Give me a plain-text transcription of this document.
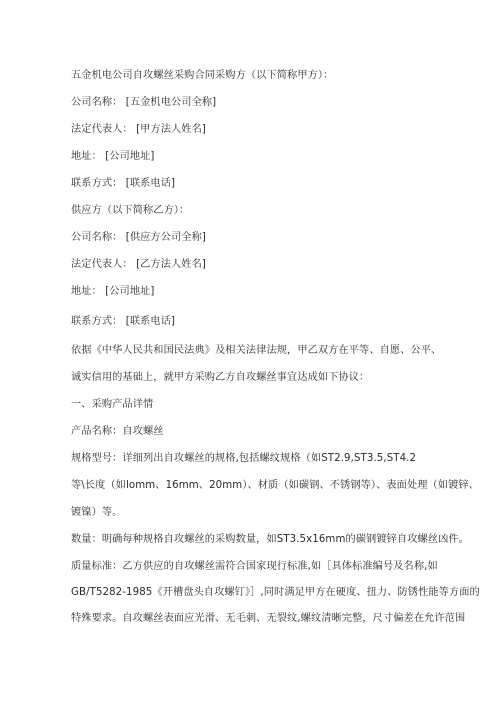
五金机电公司自攻螺丝采购合同采购方（以下简称甲方）：
公司名称： [五金机电公司全称]
法定代表人： [甲方法人姓名]
地址： [公司地址]
联系方式： [联系电话]
供应方（以下简称乙方）：
公司名称： [供应方公司全称]
法定代表人： [乙方法人姓名]
地址： [公司地址]
联系方式： [联系电话]
依据《中华人民共和国民法典》及相关法律法规，甲乙双方在平等、自愿、公平、
诚实信用的基础上，就甲方采购乙方自攻螺丝事宜达成如下协议：
一、采购产品详情
产品名称：自攻螺丝
规格型号：详细列出自攻螺丝的规格,包括螺纹规格（如ST2.9,ST3.5,ST4.2
等\长度（如lomm、16mm、20mm）、材质（如碳钢、不锈钢等）、表面处理（如镀锌、
镀镍）等。
数量：明确每种规格自攻螺丝的采购数量，如ST3.5x16mm的碳钢镀锌自攻螺丝凶件。
质量标准：乙方供应的自攻螺丝需符合国家现行标准,如［具体标准编号及名称,如
GB/T5282-1985《开槽盘头自攻螺钉》］,同时满足甲方在硬度、扭力、防锈性能等方面的
特殊要求。自攻螺丝表面应光滑、无毛刺、无裂纹,螺纹清晰完整，尺寸偏差在允许范围
